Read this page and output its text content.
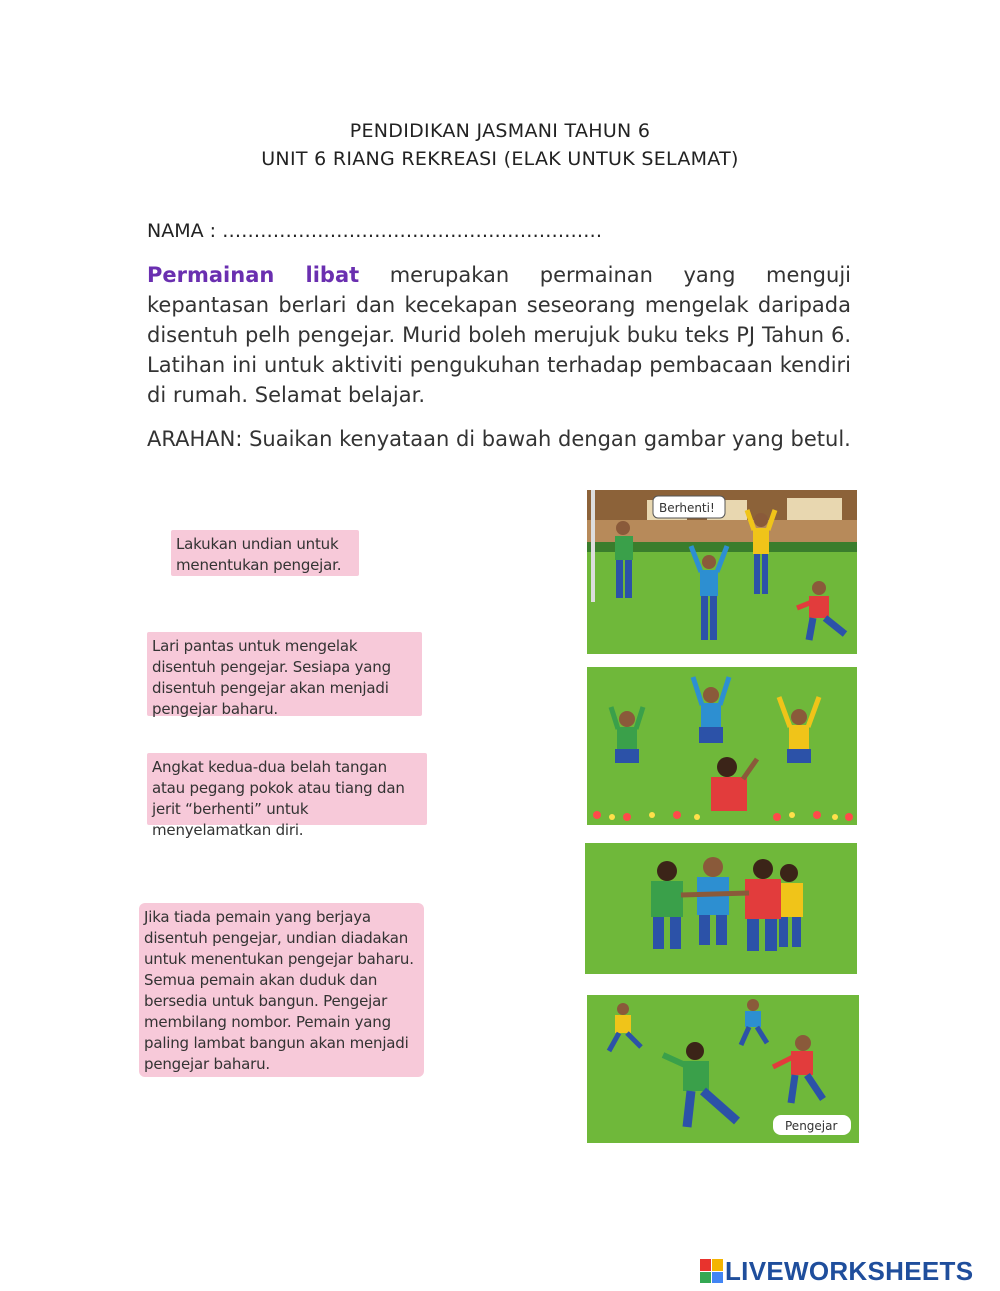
PENDIDIKAN JASMANI TAHUN 6
UNIT 6 RIANG REKREASI (ELAK UNTUK SELAMAT)
NAMA : ……………………………………………………
Permainan libat merupakan permainan yang menguji kepantasan berlari dan kecekapan seseorang mengelak daripada disentuh pelh pengejar. Murid boleh merujuk buku teks PJ Tahun 6. Latihan ini untuk aktiviti pengukuhan terhadap pembacaan kendiri di rumah. Selamat belajar.
ARAHAN: Suaikan kenyataan di bawah dengan gambar yang betul.
Lakukan undian untuk menentukan pengejar.
Lari pantas untuk mengelak disentuh pengejar. Sesiapa yang disentuh pengejar akan menjadi pengejar baharu.
Angkat kedua-dua belah tangan atau pegang pokok atau tiang dan jerit “berhenti” untuk menyelamatkan diri.
Jika tiada pemain yang berjaya disentuh pengejar, undian diadakan untuk menentukan pengejar baharu. Semua pemain akan duduk dan bersedia untuk bangun. Pengejar membilang nombor. Pemain yang paling lambat bangun akan menjadi pengejar baharu.
Berhenti!
Pengejar
LIVEWORKSHEETS
